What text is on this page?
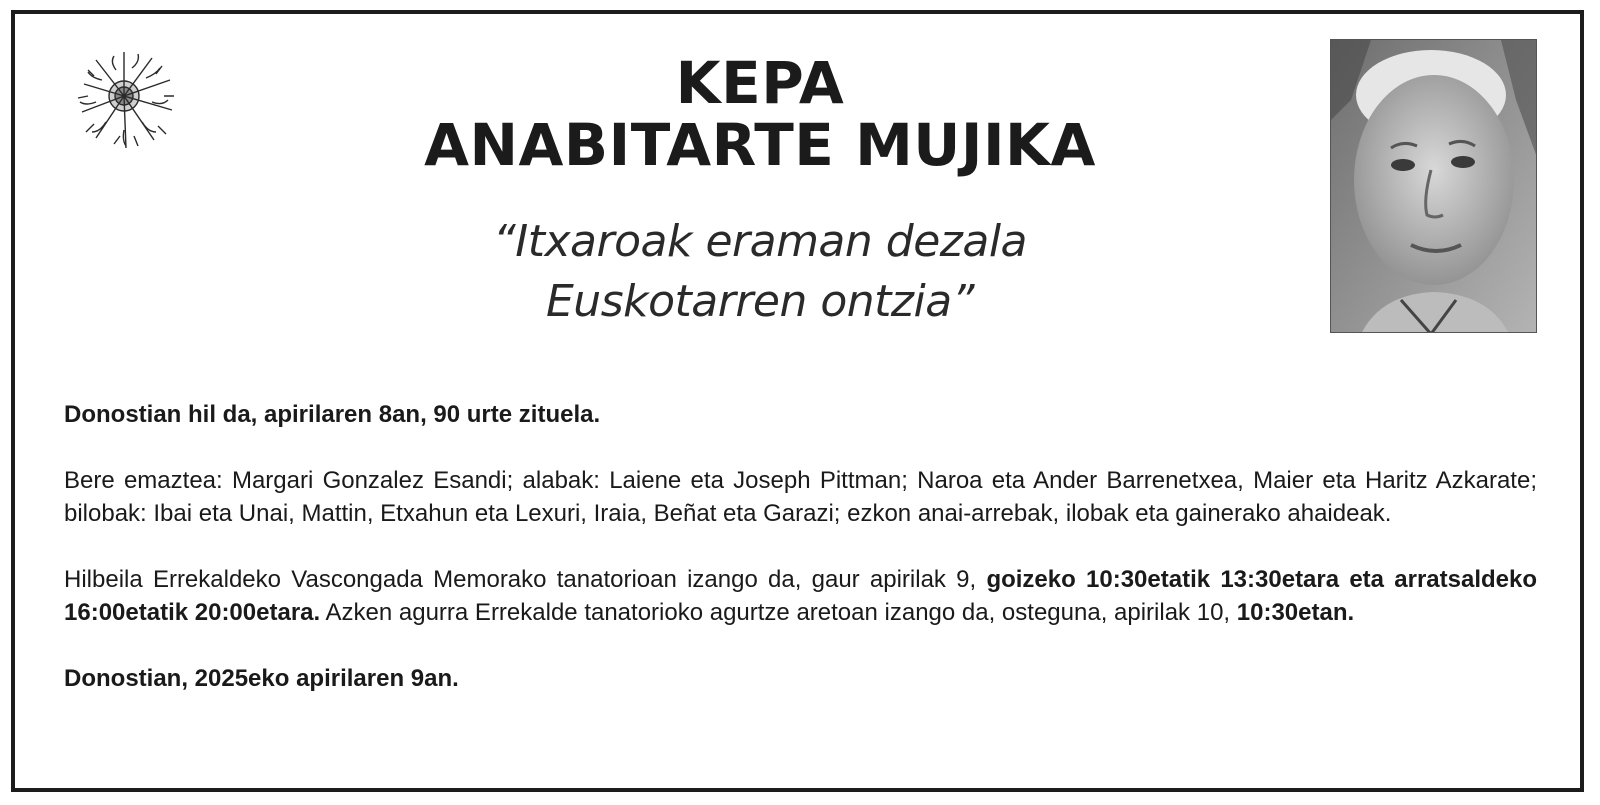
KEPA
ANABITARTE MUJIKA
“Itxaroak eraman dezala
Euskotarren ontzia”

Donostian hil da, apirilaren 8an, 90 urte zituela.

Bere emaztea: Margari Gonzalez Esandi; alabak: Laiene eta Joseph Pittman; Naroa eta Ander Barrenetxea, Maier eta Haritz Azkarate; bilobak: Ibai eta Unai, Mattin, Etxahun eta Lexuri, Iraia, Beñat eta Garazi; ezkon anai-arrebak, ilobak eta gainerako ahaideak.

Hilbeila Errekaldeko Vascongada Memorako tanatorioan izango da, gaur apirilak 9, goizeko 10:30etatik 13:30etara eta arratsaldeko 16:00etatik 20:00etara. Azken agurra Errekalde tanatorioko agurtze aretoan izango da, osteguna, apirilak 10, 10:30etan.

Donostian, 2025eko apirilaren 9an.
